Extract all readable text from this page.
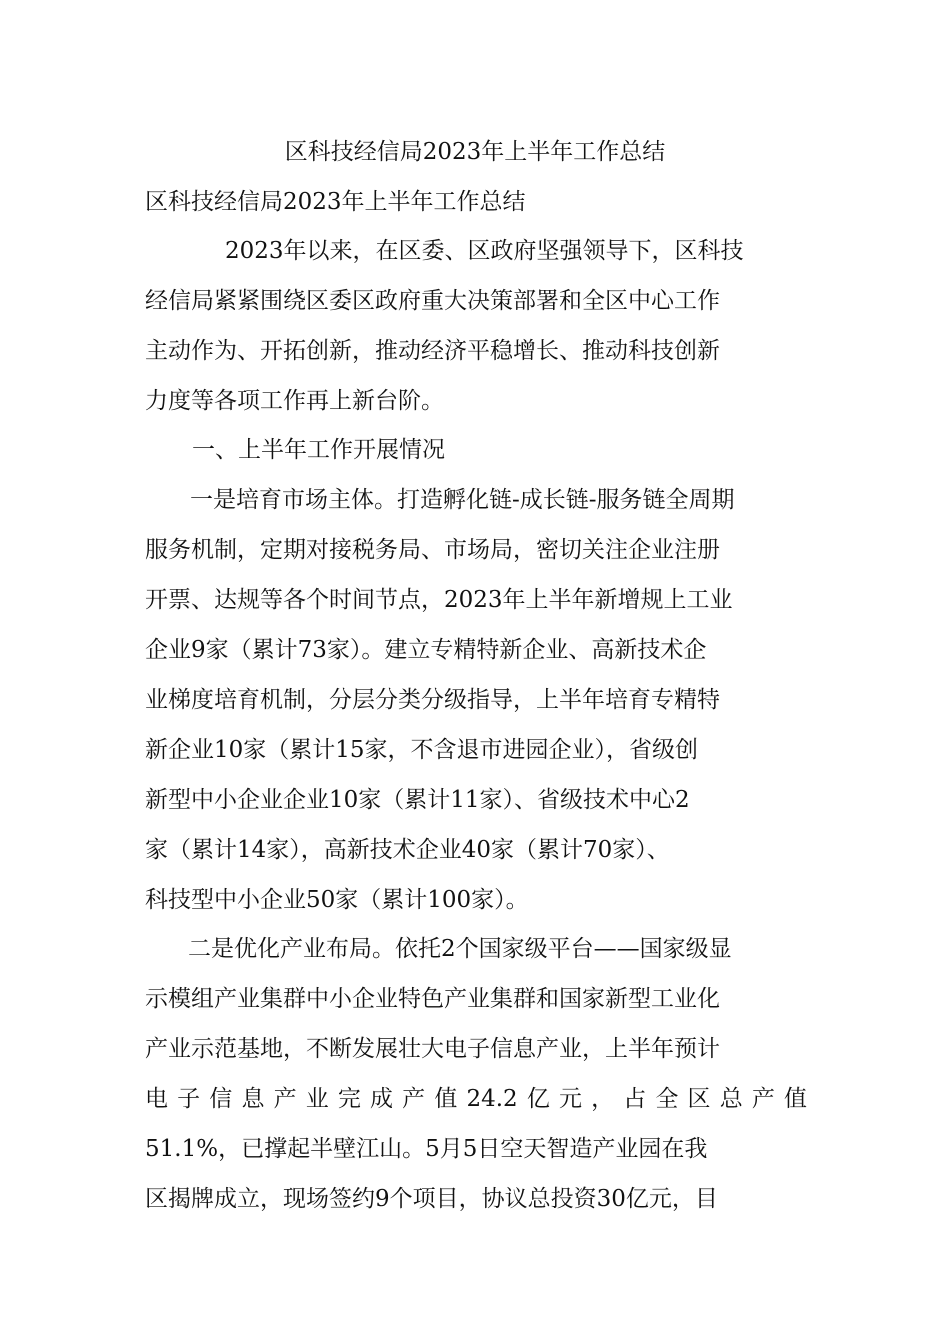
区科技经信局2023年上半年工作总结
区科技经信局2023年上半年工作总结
2023年以来，在区委、区政府坚强领导下，区科技
经信局紧紧围绕区委区政府重大决策部署和全区中心工作
主动作为、开拓创新，推动经济平稳增长、推动科技创新
力度等各项工作再上新台阶。
一、上半年工作开展情况
一是培育市场主体。打造孵化链-成长链-服务链全周期
服务机制，定期对接税务局、市场局，密切关注企业注册
开票、达规等各个时间节点，2023年上半年新增规上工业
企业9家（累计73家）。建立专精特新企业、高新技术企
业梯度培育机制，分层分类分级指导，上半年培育专精特
新企业10家（累计15家，不含退市进园企业），省级创
新型中小企业企业10家（累计11家）、省级技术中心2
家（累计14家），高新技术企业40家（累计70家）、
科技型中小企业50家（累计100家）。
二是优化产业布局。依托2个国家级平台——国家级显
示模组产业集群中小企业特色产业集群和国家新型工业化
产业示范基地，不断发展壮大电子信息产业，上半年预计
电子信息产业完成产值24.2亿元，占全区总产值
51.1%，已撑起半壁江山。5月5日空天智造产业园在我
区揭牌成立，现场签约9个项目，协议总投资30亿元，目
